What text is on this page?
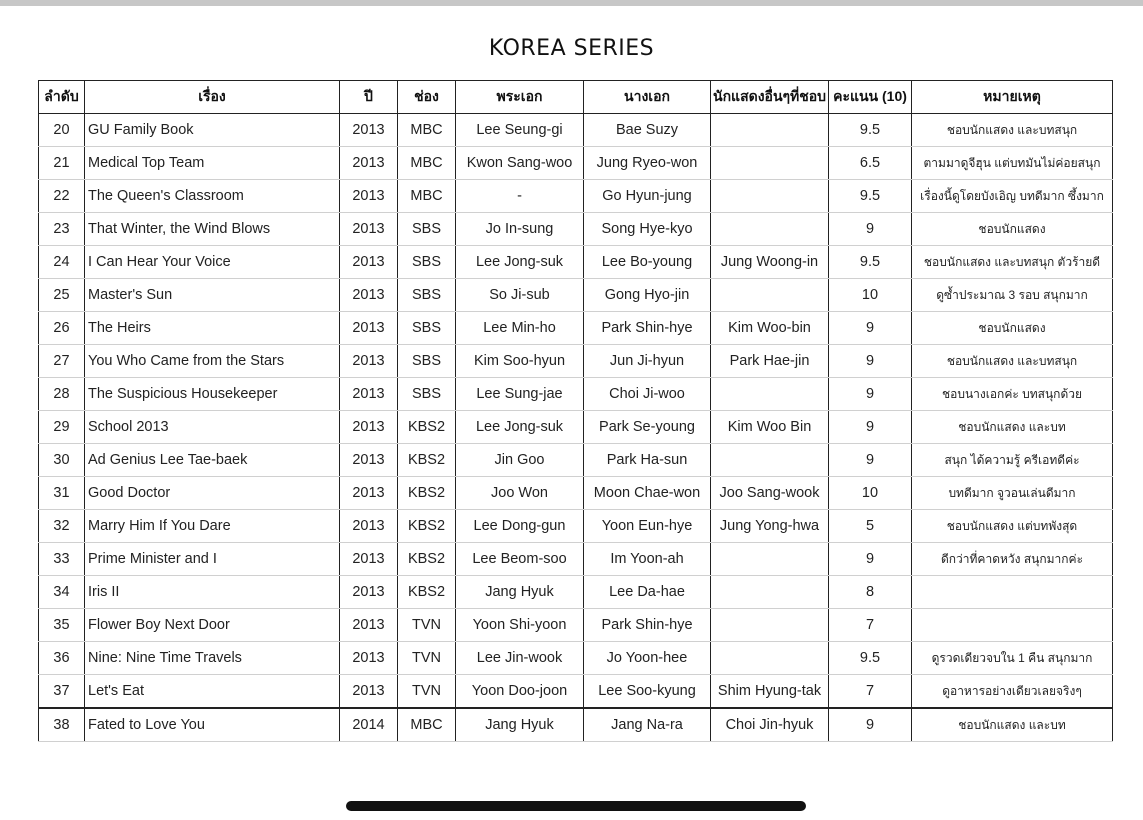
KOREA SERIES
ลำดับ	เรื่อง	ปี	ช่อง	พระเอก	นางเอก	นักแสดงอื่นๆที่ชอบ	คะแนน (10)	หมายเหตุ
20	GU Family Book	2013	MBC	Lee Seung-gi	Bae Suzy		9.5	ชอบนักแสดง และบทสนุก
21	Medical Top Team	2013	MBC	Kwon Sang-woo	Jung Ryeo-won		6.5	ตามมาดูจีฮุน แต่บทมันไม่ค่อยสนุก
22	The Queen's Classroom	2013	MBC	-	Go Hyun-jung		9.5	เรื่องนี้ดูโดยบังเอิญ บทดีมาก ซึ้งมาก
23	That Winter, the Wind Blows	2013	SBS	Jo In-sung	Song Hye-kyo		9	ชอบนักแสดง
24	I Can Hear Your Voice	2013	SBS	Lee Jong-suk	Lee Bo-young	Jung Woong-in	9.5	ชอบนักแสดง และบทสนุก ตัวร้ายดี
25	Master's Sun	2013	SBS	So Ji-sub	Gong Hyo-jin		10	ดูซ้ำประมาณ 3 รอบ สนุกมาก
26	The Heirs	2013	SBS	Lee Min-ho	Park Shin-hye	Kim Woo-bin	9	ชอบนักแสดง
27	You Who Came from the Stars	2013	SBS	Kim Soo-hyun	Jun Ji-hyun	Park Hae-jin	9	ชอบนักแสดง และบทสนุก
28	The Suspicious Housekeeper	2013	SBS	Lee Sung-jae	Choi Ji-woo		9	ชอบนางเอกค่ะ บทสนุกด้วย
29	School 2013	2013	KBS2	Lee Jong-suk	Park Se-young	Kim Woo Bin	9	ชอบนักแสดง และบท
30	Ad Genius Lee Tae-baek	2013	KBS2	Jin Goo	Park Ha-sun		9	สนุก ได้ความรู้ ครีเอทดีค่ะ
31	Good Doctor	2013	KBS2	Joo Won	Moon Chae-won	Joo Sang-wook	10	บทดีมาก จูวอนเล่นดีมาก
32	Marry Him If You Dare	2013	KBS2	Lee Dong-gun	Yoon Eun-hye	Jung Yong-hwa	5	ชอบนักแสดง แต่บทพังสุด
33	Prime Minister and I	2013	KBS2	Lee Beom-soo	Im Yoon-ah		9	ดีกว่าที่คาดหวัง สนุกมากค่ะ
34	Iris II	2013	KBS2	Jang Hyuk	Lee Da-hae		8	
35	Flower Boy Next Door	2013	TVN	Yoon Shi-yoon	Park Shin-hye		7	
36	Nine: Nine Time Travels	2013	TVN	Lee Jin-wook	Jo Yoon-hee		9.5	ดูรวดเดียวจบใน 1 คืน สนุกมาก
37	Let's Eat	2013	TVN	Yoon Doo-joon	Lee Soo-kyung	Shim Hyung-tak	7	ดูอาหารอย่างเดียวเลยจริงๆ
38	Fated to Love You	2014	MBC	Jang Hyuk	Jang Na-ra	Choi Jin-hyuk	9	ชอบนักแสดง และบท
